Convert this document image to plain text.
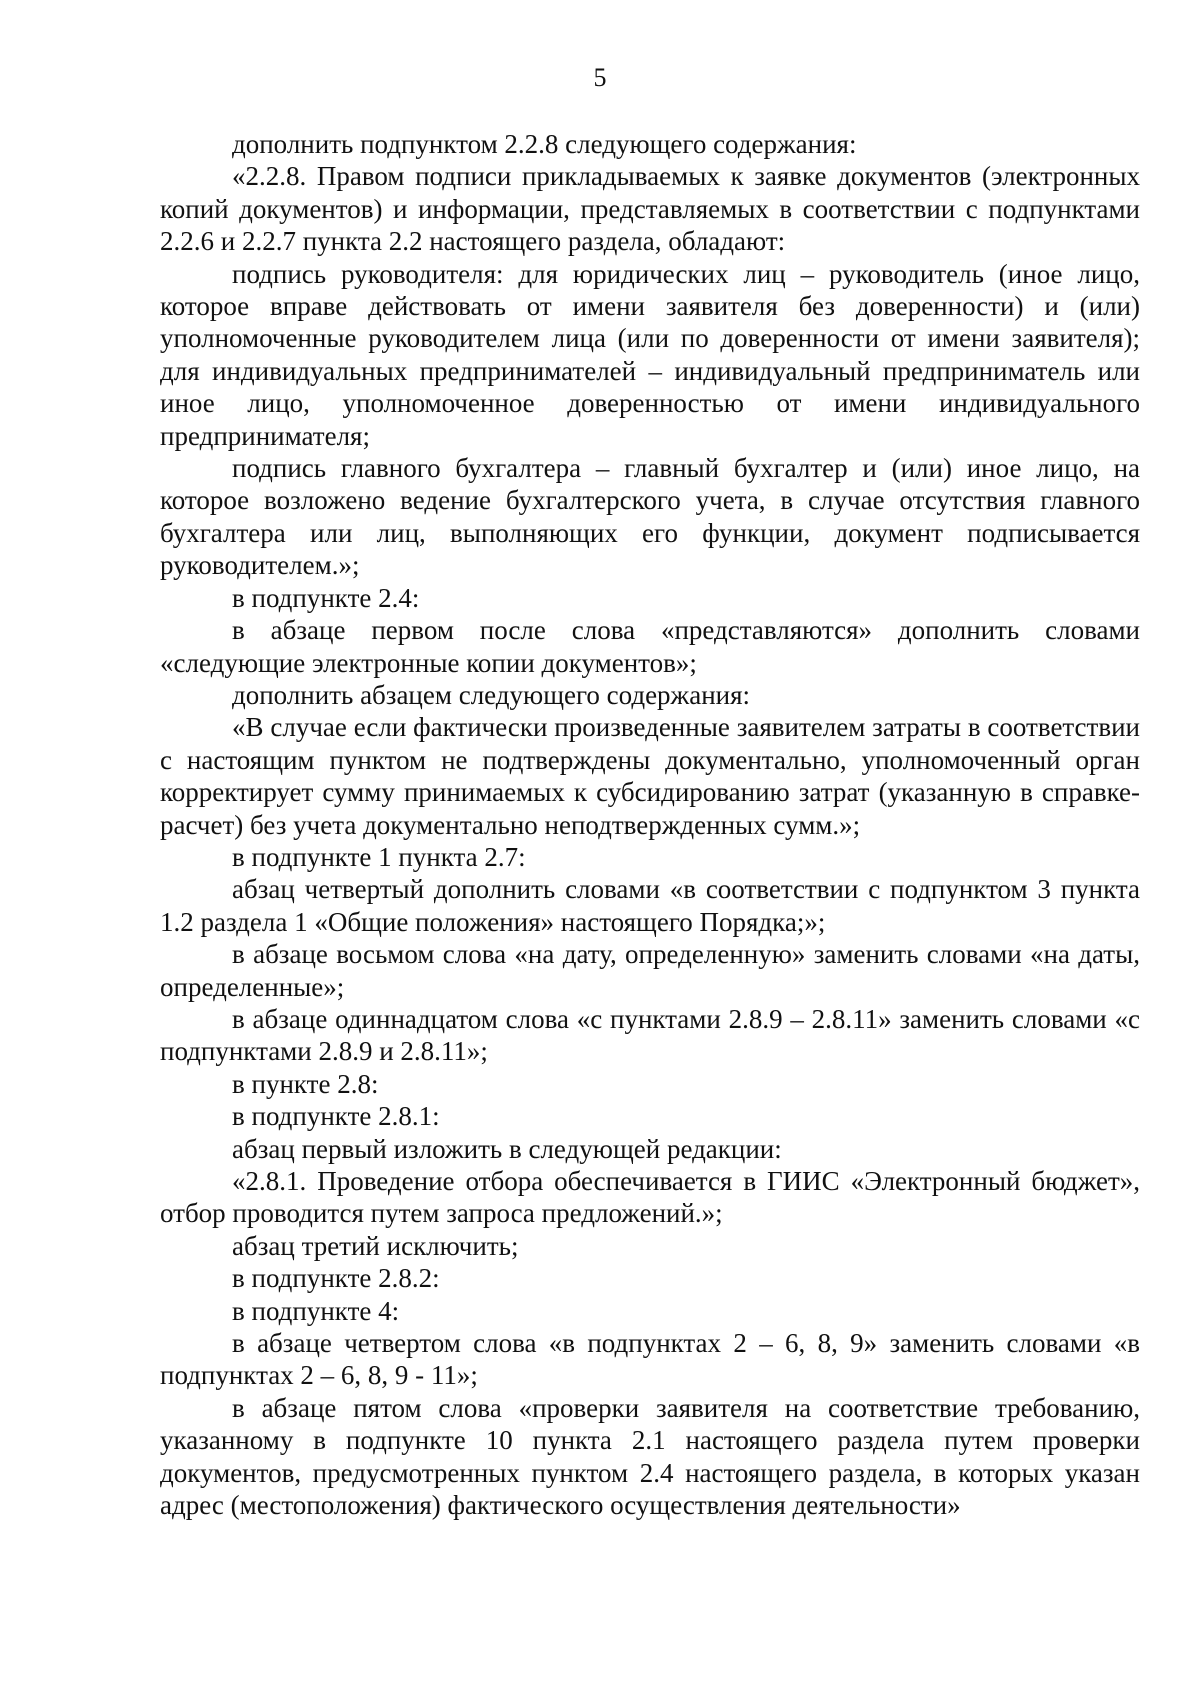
5

дополнить подпунктом 2.2.8 следующего содержания:

«2.2.8. Правом подписи прикладываемых к заявке документов (электронных копий документов) и информации, представляемых в соответствии с подпунктами 2.2.6 и 2.2.7 пункта 2.2 настоящего раздела, обладают:

подпись руководителя: для юридических лиц – руководитель (иное лицо, которое вправе действовать от имени заявителя без доверенности) и (или) уполномоченные руководителем лица (или по доверенности от имени заявителя); для индивидуальных предпринимателей – индивидуальный предприниматель или иное лицо, уполномоченное доверенностью от имени индивидуального предпринимателя;

подпись главного бухгалтера – главный бухгалтер и (или) иное лицо, на которое возложено ведение бухгалтерского учета, в случае отсутствия главного бухгалтера или лиц, выполняющих его функции, документ подписывается руководителем.»;

в подпункте 2.4:

в абзаце первом после слова «представляются» дополнить словами «следующие электронные копии документов»;

дополнить абзацем следующего содержания:

«В случае если фактически произведенные заявителем затраты в соответствии с настоящим пунктом не подтверждены документально, уполномоченный орган корректирует сумму принимаемых к субсидированию затрат (указанную в справке-расчет) без учета документально неподтвержденных сумм.»;

в подпункте 1 пункта 2.7:

абзац четвертый дополнить словами «в соответствии с подпунктом 3 пункта 1.2 раздела 1 «Общие положения» настоящего Порядка;»;

в абзаце восьмом слова «на дату, определенную» заменить словами «на даты, определенные»;

в абзаце одиннадцатом слова «с пунктами 2.8.9 – 2.8.11» заменить словами «с подпунктами 2.8.9 и 2.8.11»;

в пункте 2.8:

в подпункте 2.8.1:

абзац первый изложить в следующей редакции:

«2.8.1. Проведение отбора обеспечивается в ГИИС «Электронный бюджет», отбор проводится путем запроса предложений.»;

абзац третий исключить;

в подпункте 2.8.2:

в подпункте 4:

в абзаце четвертом слова «в подпунктах 2 – 6, 8, 9» заменить словами «в подпунктах 2 – 6, 8, 9 - 11»;

в абзаце пятом слова «проверки заявителя на соответствие требованию, указанному в подпункте 10 пункта 2.1 настоящего раздела путем проверки документов, предусмотренных пунктом 2.4 настоящего раздела, в которых указан адрес (местоположения) фактического осуществления деятельности»
